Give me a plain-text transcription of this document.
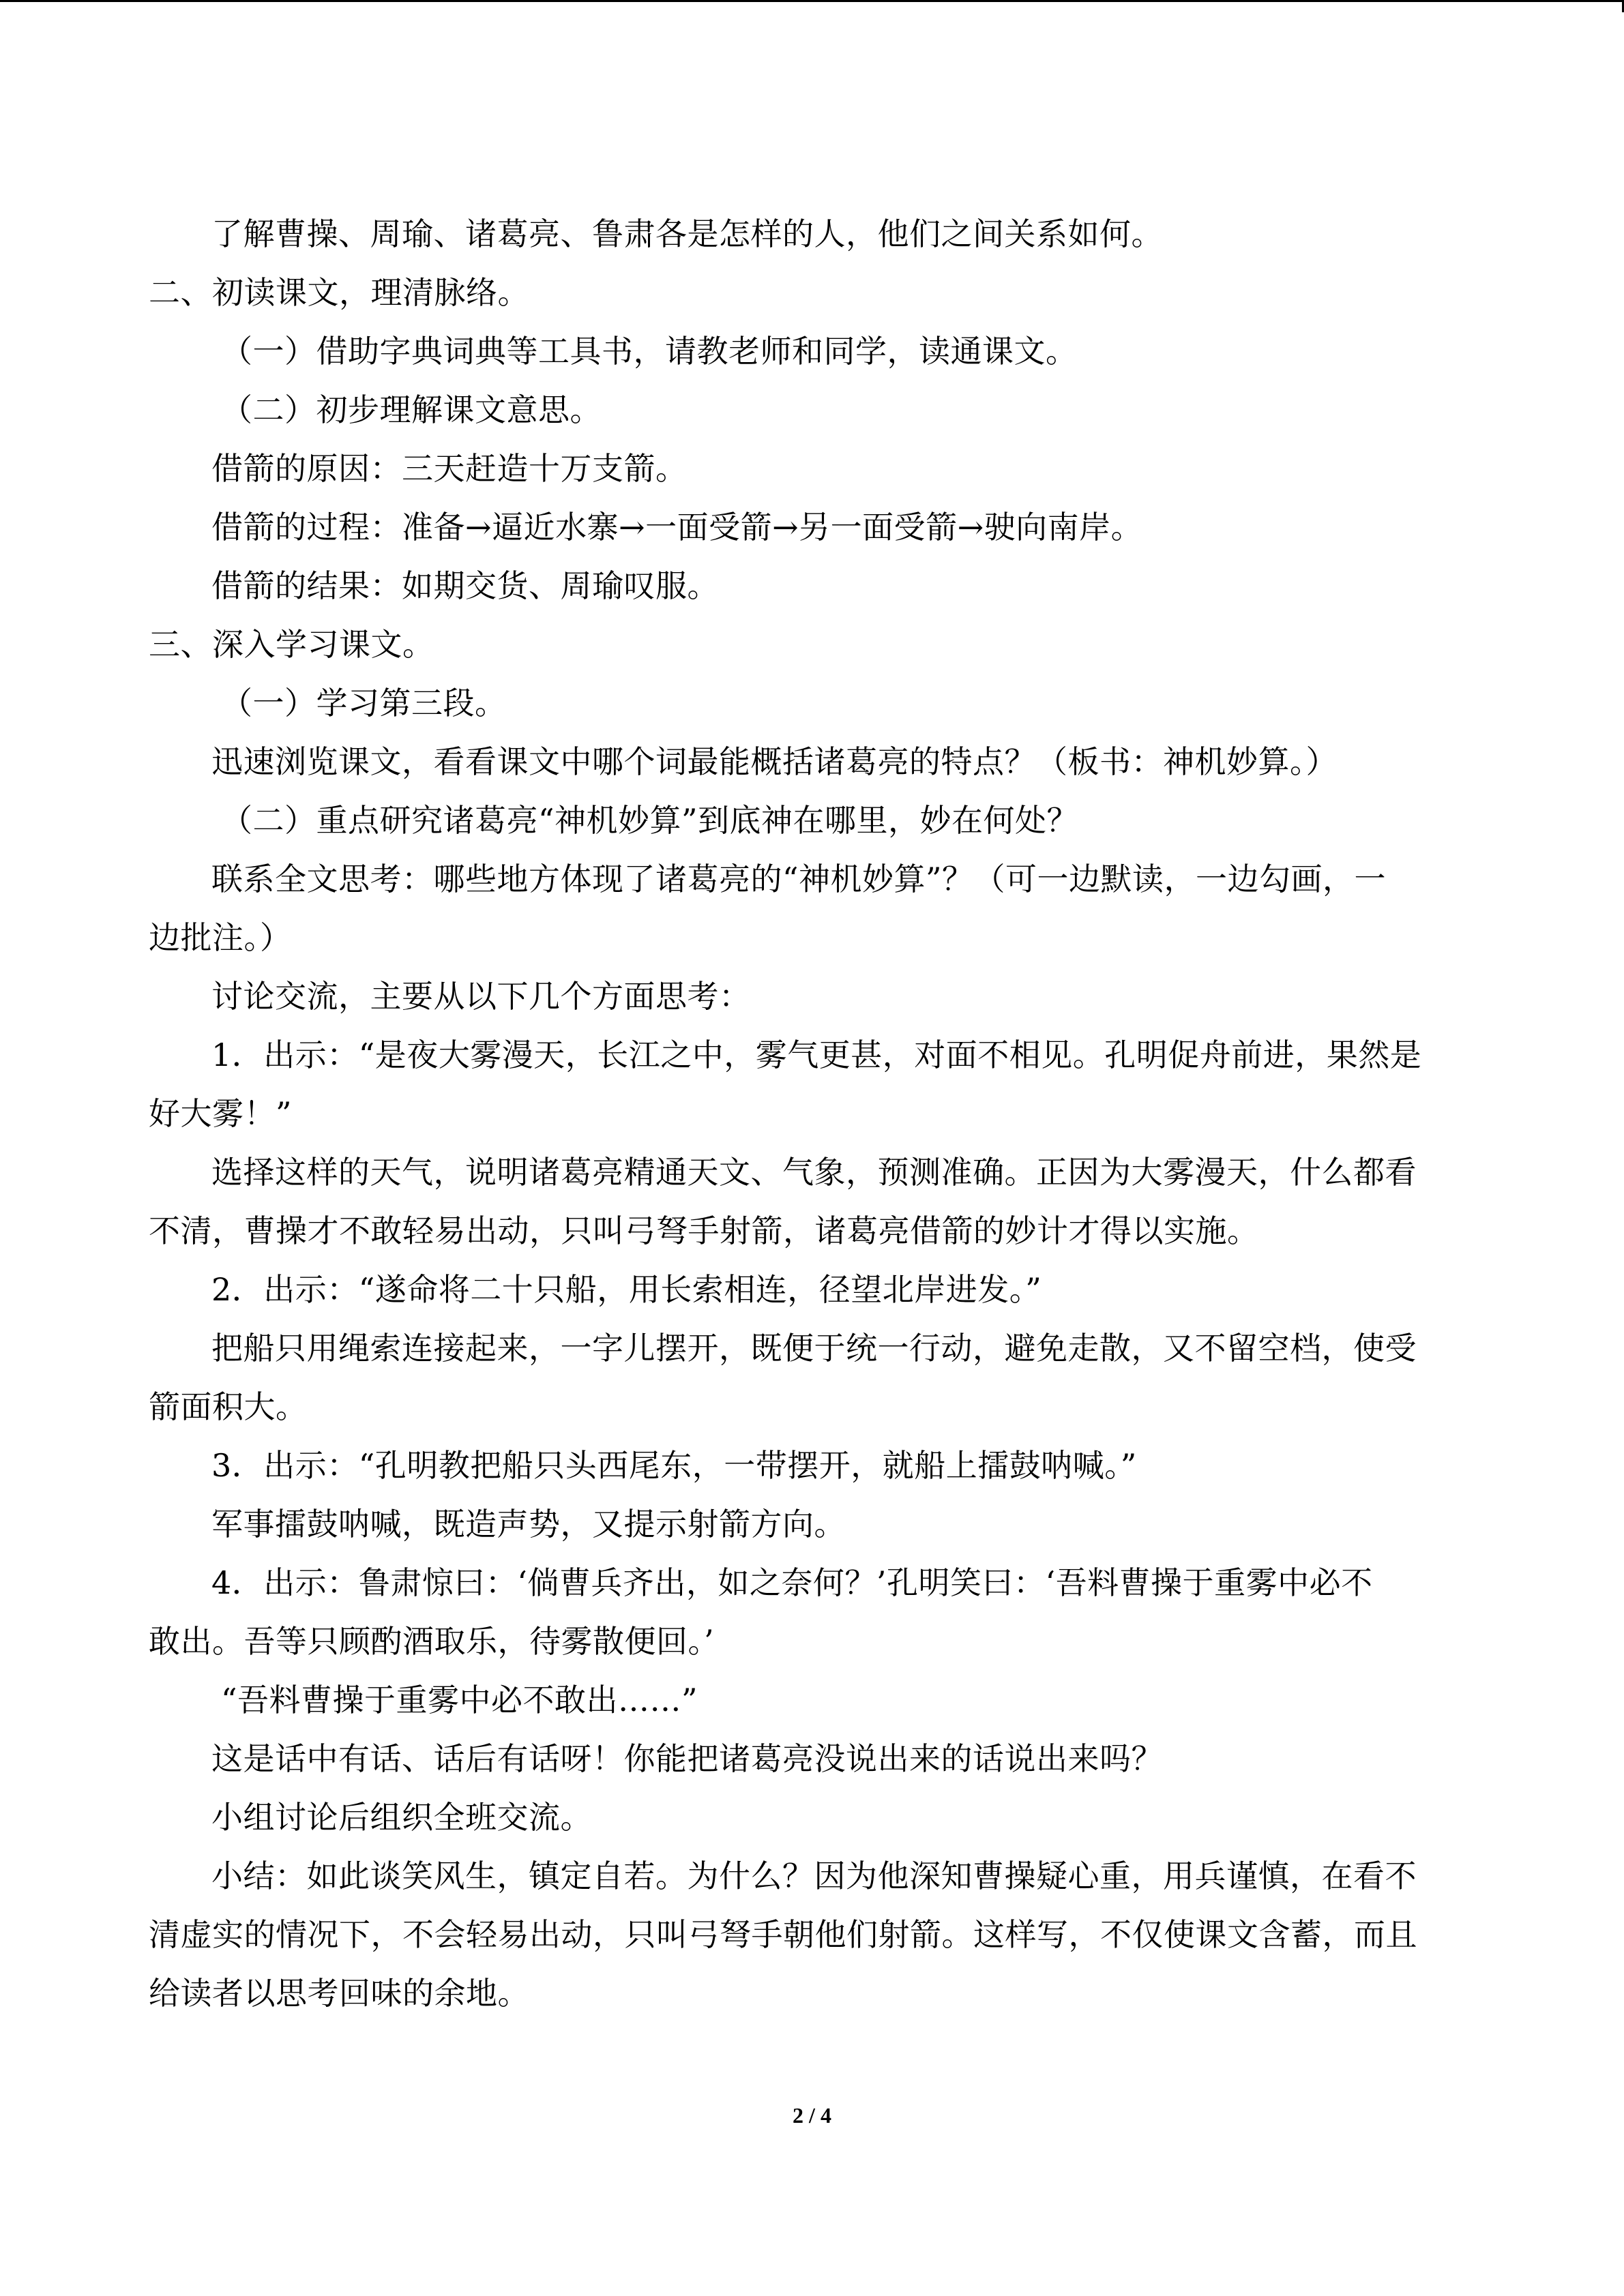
了解曹操、周瑜、诸葛亮、鲁肃各是怎样的人，他们之间关系如何。
二、初读课文，理清脉络。
（一）借助字典词典等工具书，请教老师和同学，读通课文。
（二）初步理解课文意思。
借箭的原因：三天赶造十万支箭。
借箭的过程：准备→逼近水寨→一面受箭→另一面受箭→驶向南岸。
借箭的结果：如期交货、周瑜叹服。
三、深入学习课文。
（一）学习第三段。
迅速浏览课文，看看课文中哪个词最能概括诸葛亮的特点？（板书：神机妙算。）
（二）重点研究诸葛亮“神机妙算”到底神在哪里，妙在何处？
联系全文思考：哪些地方体现了诸葛亮的“神机妙算”？（可一边默读，一边勾画，一
边批注。）
讨论交流，主要从以下几个方面思考：
1．出示：“是夜大雾漫天，长江之中，雾气更甚，对面不相见。孔明促舟前进，果然是
好大雾！”
选择这样的天气，说明诸葛亮精通天文、气象，预测准确。正因为大雾漫天，什么都看
不清，曹操才不敢轻易出动，只叫弓弩手射箭，诸葛亮借箭的妙计才得以实施。
2．出示：“遂命将二十只船，用长索相连，径望北岸进发。”
把船只用绳索连接起来，一字儿摆开，既便于统一行动，避免走散，又不留空档，使受
箭面积大。
3．出示：“孔明教把船只头西尾东，一带摆开，就船上擂鼓呐喊。”
军事擂鼓呐喊，既造声势，又提示射箭方向。
4．出示：鲁肃惊曰：‘倘曹兵齐出，如之奈何？’孔明笑曰：‘吾料曹操于重雾中必不
敢出。吾等只顾酌酒取乐，待雾散便回。’
“吾料曹操于重雾中必不敢出……”
这是话中有话、话后有话呀！你能把诸葛亮没说出来的话说出来吗？
小组讨论后组织全班交流。
小结：如此谈笑风生，镇定自若。为什么？因为他深知曹操疑心重，用兵谨慎，在看不
清虚实的情况下，不会轻易出动，只叫弓弩手朝他们射箭。这样写，不仅使课文含蓄，而且
给读者以思考回味的余地。
2 / 4
